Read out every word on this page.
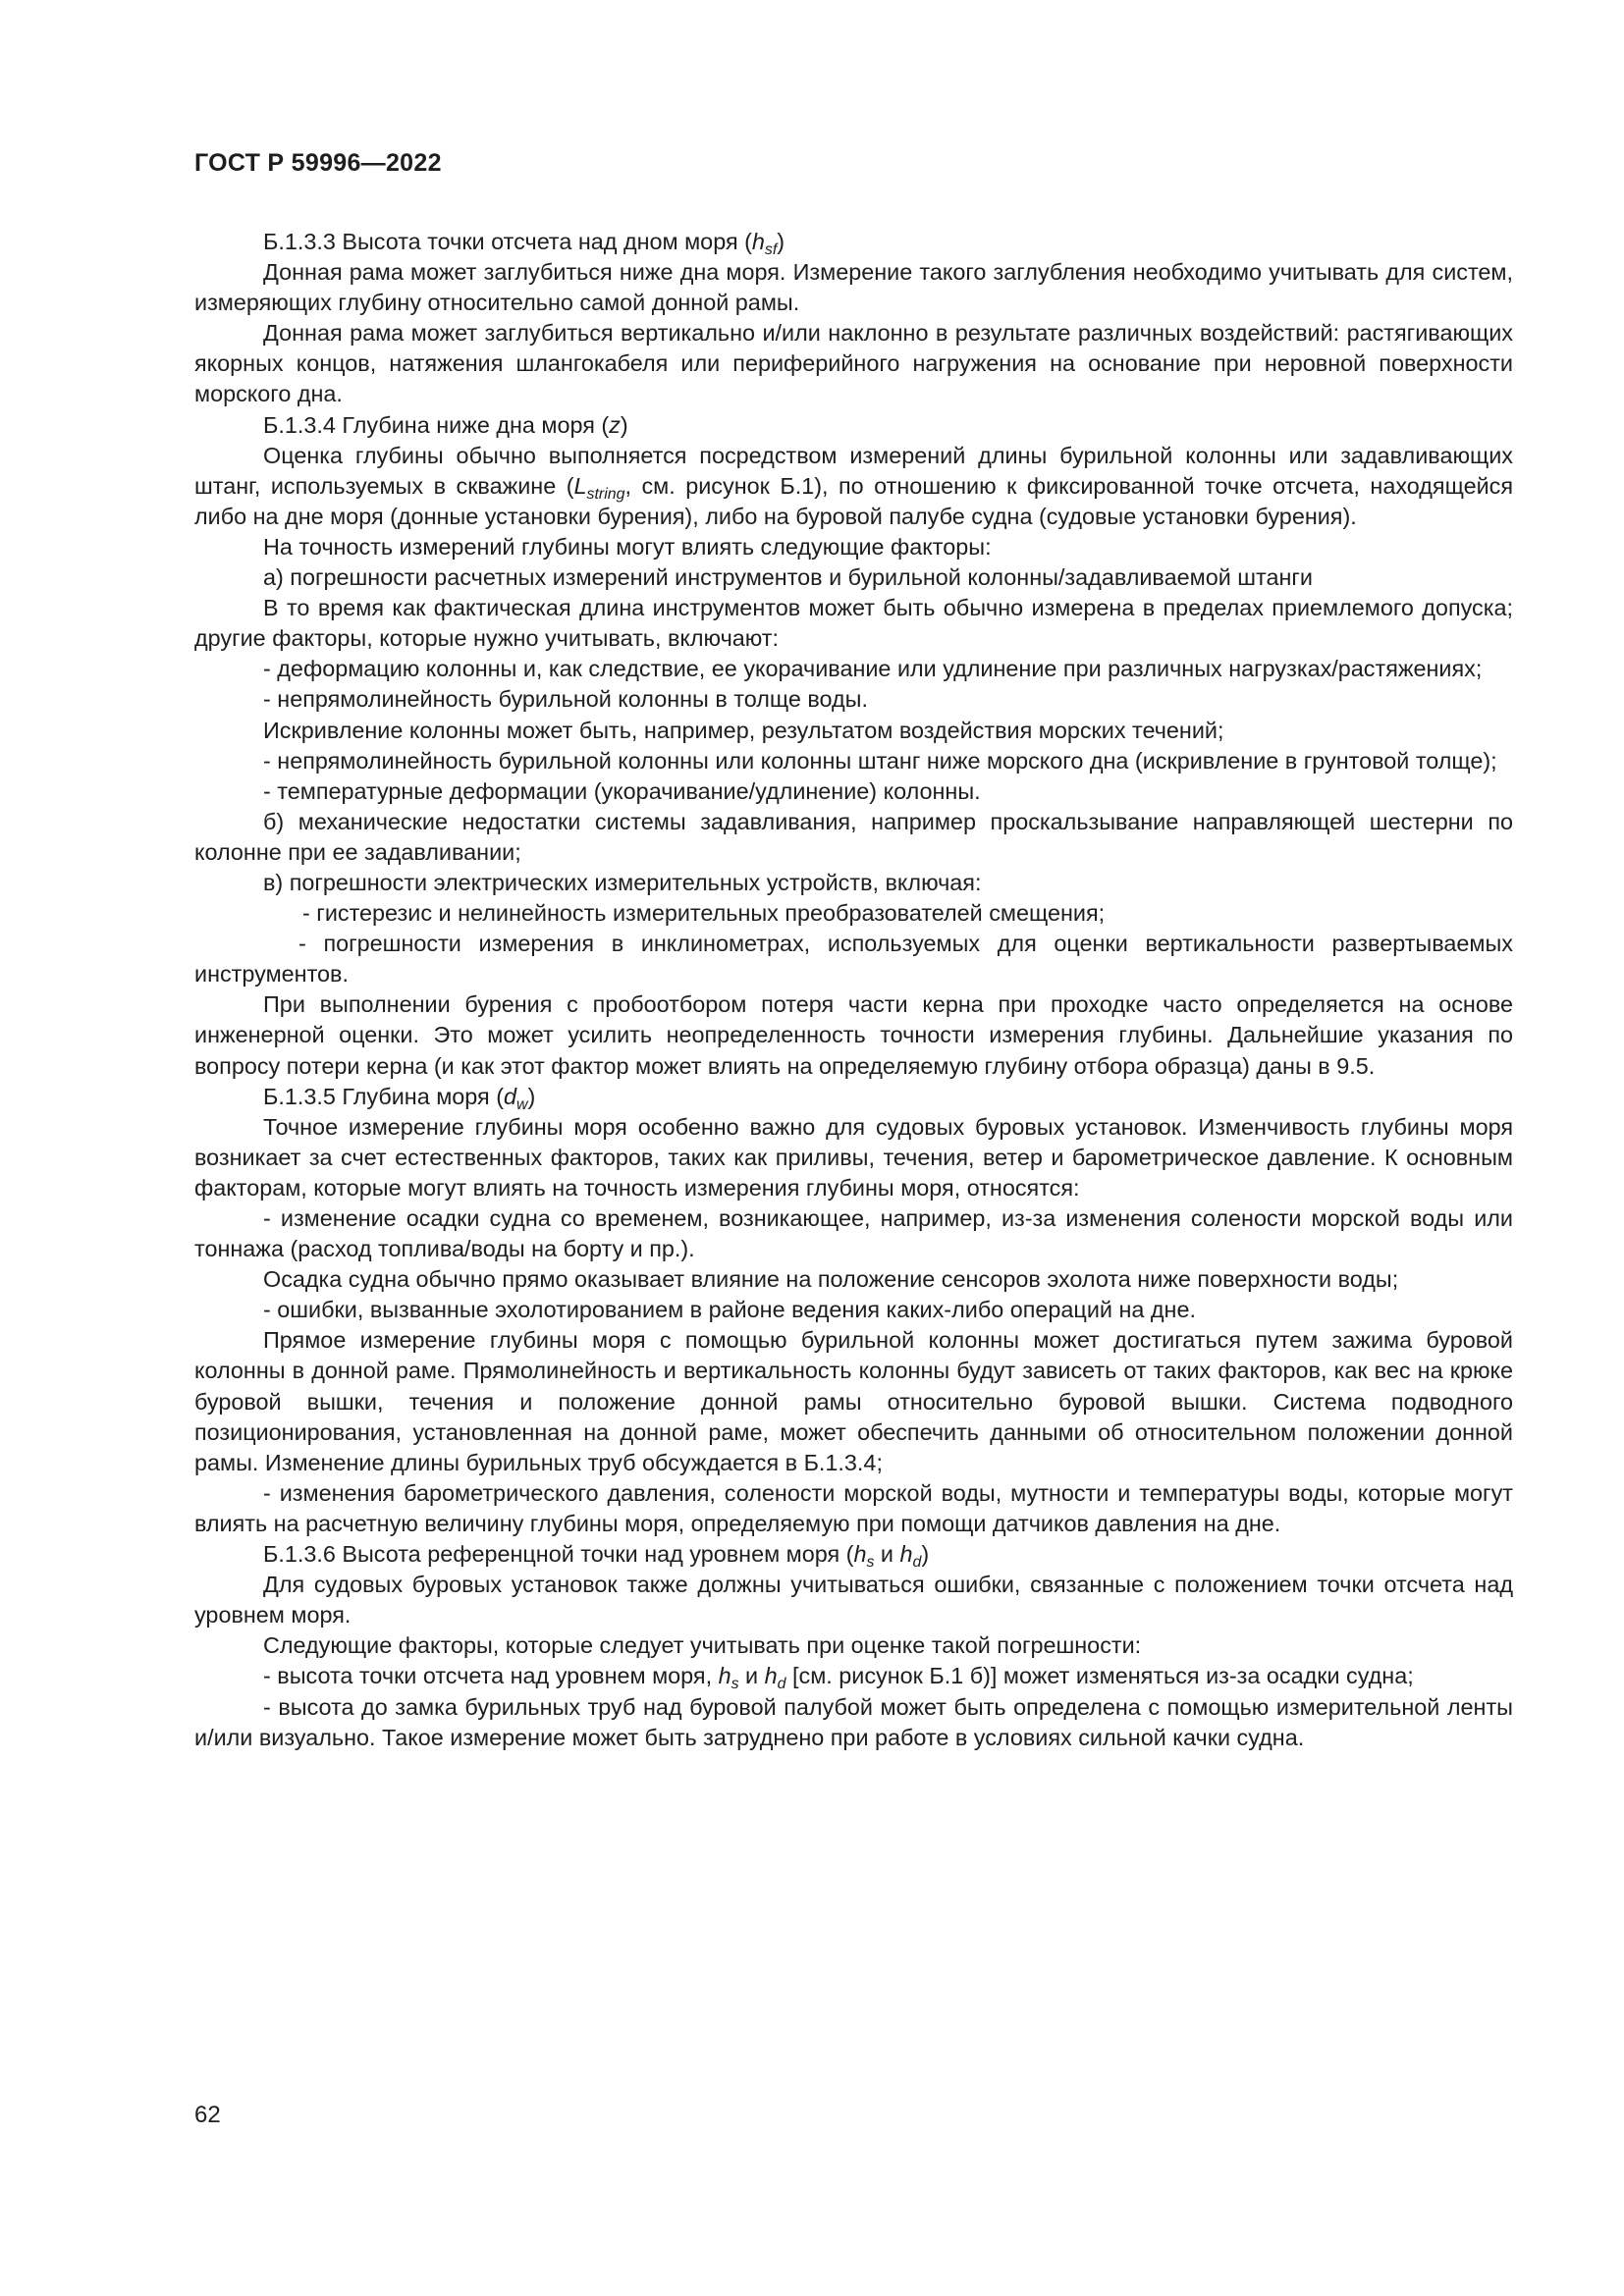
ГОСТ Р 59996—2022

Б.1.3.3 Высота точки отсчета над дном моря $(h_{sf})$

Донная рама может заглубиться ниже дна моря. Измерение такого заглубления необходимо учитывать для систем, измеряющих глубину относительно самой донной рамы.

Донная рама может заглубиться вертикально и/или наклонно в результате различных воздействий: растягивающих якорных концов, натяжения шлангокабеля или периферийного нагружения на основание при неровной поверхности морского дна.

Б.1.3.4 Глубина ниже дна моря (z)

Оценка глубины обычно выполняется посредством измерений длины бурильной колонны или задавливающих штанг, используемых в скважине ($L_{string}$, см. рисунок Б.1), по отношению к фиксированной точке отсчета, находящейся либо на дне моря (донные установки бурения), либо на буровой палубе судна (судовые установки бурения).

На точность измерений глубины могут влиять следующие факторы:

а) погрешности расчетных измерений инструментов и бурильной колонны/задавливаемой штанги

В то время как фактическая длина инструментов может быть обычно измерена в пределах приемлемого допуска; другие факторы, которые нужно учитывать, включают:

- деформацию колонны и, как следствие, ее укорачивание или удлинение при различных нагрузках/растяжениях;

- непрямолинейность бурильной колонны в толще воды.

Искривление колонны может быть, например, результатом воздействия морских течений;

- непрямолинейность бурильной колонны или колонны штанг ниже морского дна (искривление в грунтовой толще);

- температурные деформации (укорачивание/удлинение) колонны.

б) механические недостатки системы задавливания, например проскальзывание направляющей шестерни по колонне при ее задавливании;

в) погрешности электрических измерительных устройств, включая:

- гистерезис и нелинейность измерительных преобразователей смещения;

- погрешности измерения в инклинометрах, используемых для оценки вертикальности развертываемых инструментов.

При выполнении бурения с пробоотбором потеря части керна при проходке часто определяется на основе инженерной оценки. Это может усилить неопределенность точности измерения глубины. Дальнейшие указания по вопросу потери керна (и как этот фактор может влиять на определяемую глубину отбора образца) даны в 9.5.

Б.1.3.5 Глубина моря $(d_w)$

Точное измерение глубины моря особенно важно для судовых буровых установок. Изменчивость глубины моря возникает за счет естественных факторов, таких как приливы, течения, ветер и барометрическое давление. К основным факторам, которые могут влиять на точность измерения глубины моря, относятся:

- изменение осадки судна со временем, возникающее, например, из-за изменения солености морской воды или тоннажа (расход топлива/воды на борту и пр.).

Осадка судна обычно прямо оказывает влияние на положение сенсоров эхолота ниже поверхности воды;

- ошибки, вызванные эхолотированием в районе ведения каких-либо операций на дне.

Прямое измерение глубины моря с помощью бурильной колонны может достигаться путем зажима буровой колонны в донной раме. Прямолинейность и вертикальность колонны будут зависеть от таких факторов, как вес на крюке буровой вышки, течения и положение донной рамы относительно буровой вышки. Система подводного позиционирования, установленная на донной раме, может обеспечить данными об относительном положении донной рамы. Изменение длины бурильных труб обсуждается в Б.1.3.4;

- изменения барометрического давления, солености морской воды, мутности и температуры воды, которые могут влиять на расчетную величину глубины моря, определяемую при помощи датчиков давления на дне.

Б.1.3.6 Высота референцной точки над уровнем моря ($h_s$ и $h_d$)

Для судовых буровых установок также должны учитываться ошибки, связанные с положением точки отсчета над уровнем моря.

Следующие факторы, которые следует учитывать при оценке такой погрешности:

- высота точки отсчета над уровнем моря, $h_s$ и $h_d$ [см. рисунок Б.1 б)] может изменяться из-за осадки судна;

- высота до замка бурильных труб над буровой палубой может быть определена с помощью измерительной ленты и/или визуально. Такое измерение может быть затруднено при работе в условиях сильной качки судна.

62
